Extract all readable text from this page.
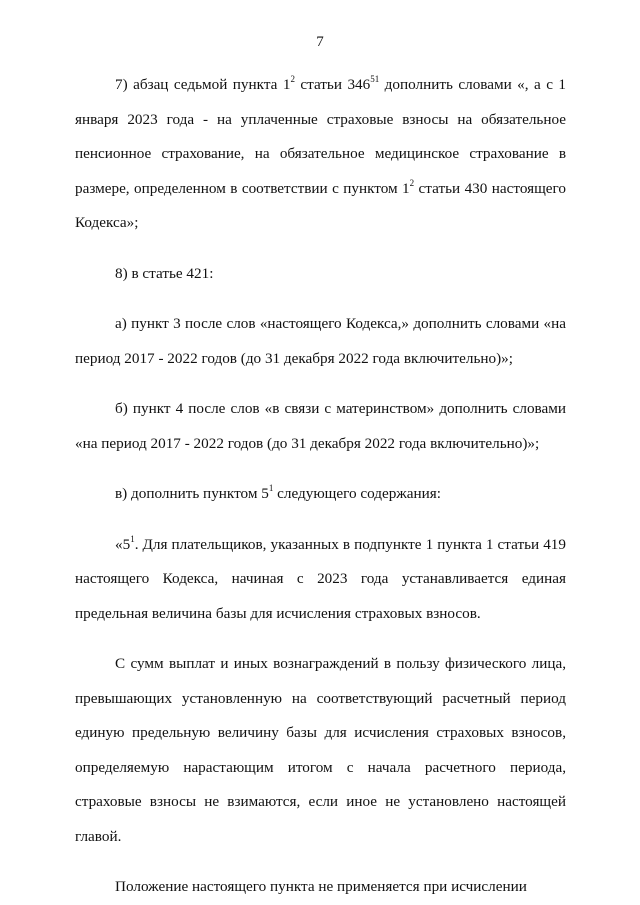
7

7) абзац седьмой пункта $1^2$ статьи $346^{51}$ дополнить словами «, а с 1 января 2023 года - на уплаченные страховые взносы на обязательное пенсионное страхование, на обязательное медицинское страхование в размере, определенном в соответствии с пунктом $1^2$ статьи 430 настоящего Кодекса»;

8) в статье 421:

а) пункт 3 после слов «настоящего Кодекса,» дополнить словами «на период 2017 - 2022 годов (до 31 декабря 2022 года включительно)»;

б) пункт 4 после слов «в связи с материнством» дополнить словами «на период 2017 - 2022 годов (до 31 декабря 2022 года включительно)»;

в) дополнить пунктом $5^1$ следующего содержания:

«$5^1$. Для плательщиков, указанных в подпункте 1 пункта 1 статьи 419 настоящего Кодекса, начиная с 2023 года устанавливается единая предельная величина базы для исчисления страховых взносов.

С сумм выплат и иных вознаграждений в пользу физического лица, превышающих установленную на соответствующий расчетный период единую предельную величину базы для исчисления страховых взносов, определяемую нарастающим итогом с начала расчетного периода, страховые взносы не взимаются, если иное не установлено настоящей главой.

Положение настоящего пункта не применяется при исчислении
